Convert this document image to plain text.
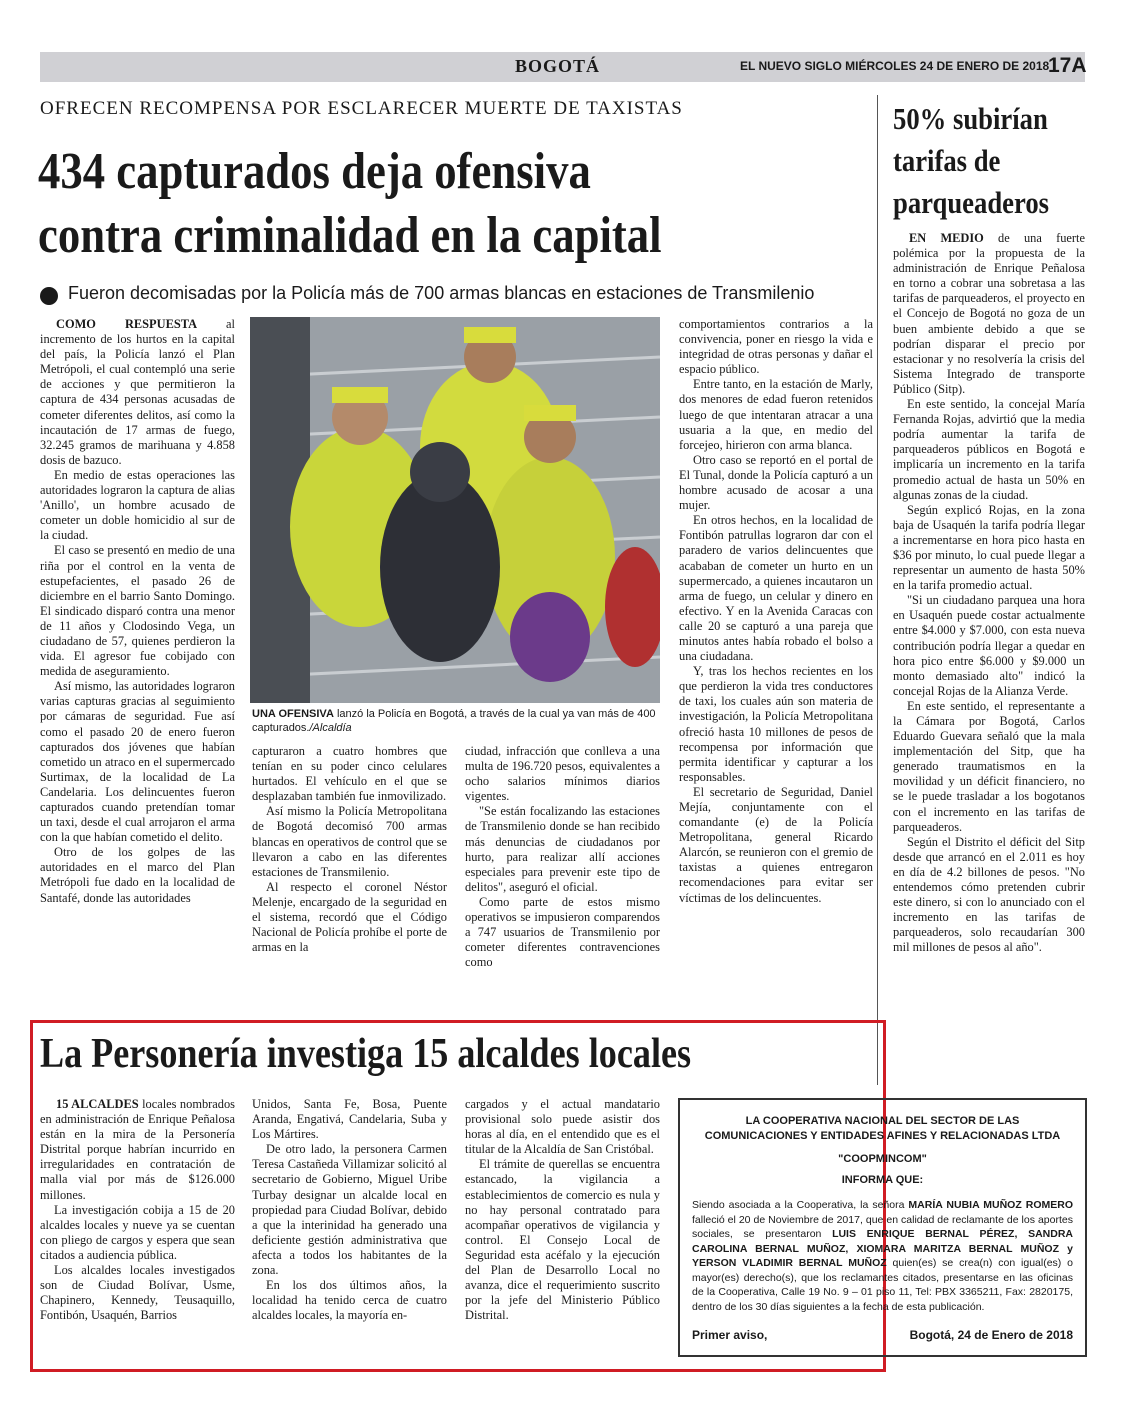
BOGOTÁ	EL NUEVO SIGLO MIÉRCOLES 24 DE ENERO DE 2018
17A
OFRECEN RECOMPENSA POR ESCLARECER MUERTE DE TAXISTAS
434 capturados deja ofensiva
contra criminalidad en la capital
Fueron decomisadas por la Policía más de 700 armas blancas en estaciones de Transmilenio

COMO RESPUESTA al incremento de los hurtos en la capital del país, la Policía lanzó el Plan Metrópoli, el cual contempló una serie de acciones y que permitieron la captura de 434 personas acusadas de cometer diferentes delitos, así como la incautación de 17 armas de fuego, 32.245 gramos de marihuana y 4.858 dosis de bazuco.

En medio de estas operaciones las autoridades lograron la captura de alias 'Anillo', un hombre acusado de cometer un doble homicidio al sur de la ciudad.

El caso se presentó en medio de una riña por el control en la venta de estupefacientes, el pasado 26 de diciembre en el barrio Santo Domingo. El sindicado disparó contra una menor de 11 años y Clodosindo Vega, un ciudadano de 57, quienes perdieron la vida. El agresor fue cobijado con medida de aseguramiento.

Así mismo, las autoridades lograron varias capturas gracias al seguimiento por cámaras de seguridad. Fue así como el pasado 20 de enero fueron capturados dos jóvenes que habían cometido un atraco en el supermercado Surtimax, de la localidad de La Candelaria. Los delincuentes fueron capturados cuando pretendían tomar un taxi, desde el cual arrojaron el arma con la que habían cometido el delito.

Otro de los golpes de las autoridades en el marco del Plan Metrópoli fue dado en la localidad de Santafé, donde las autoridades

UNA OFENSIVA lanzó la Policía en Bogotá, a través de la cual ya van más de 400 capturados./Alcaldía

capturaron a cuatro hombres que tenían en su poder cinco celulares hurtados. El vehículo en el que se desplazaban también fue inmovilizado.

Así mismo la Policía Metropolitana de Bogotá decomisó 700 armas blancas en operativos de control que se llevaron a cabo en las diferentes estaciones de Transmilenio.

Al respecto el coronel Néstor Melenje, encargado de la seguridad en el sistema, recordó que el Código Nacional de Policía prohíbe el porte de armas en la

ciudad, infracción que conlleva a una multa de 196.720 pesos, equivalentes a ocho salarios mínimos diarios vigentes.

"Se están focalizando las estaciones de Transmilenio donde se han recibido más denuncias de ciudadanos por hurto, para realizar allí acciones especiales para prevenir este tipo de delitos", aseguró el oficial.

Como parte de estos mismo operativos se impusieron comparendos a 747 usuarios de Transmilenio por cometer diferentes contravenciones como

comportamientos contrarios a la convivencia, poner en riesgo la vida e integridad de otras personas y dañar el espacio público.

Entre tanto, en la estación de Marly, dos menores de edad fueron retenidos luego de que intentaran atracar a una usuaria a la que, en medio del forcejeo, hirieron con arma blanca.

Otro caso se reportó en el portal de El Tunal, donde la Policía capturó a un hombre acusado de acosar a una mujer.

En otros hechos, en la localidad de Fontibón patrullas lograron dar con el paradero de varios delincuentes que acababan de cometer un hurto en un supermercado, a quienes incautaron un arma de fuego, un celular y dinero en efectivo. Y en la Avenida Caracas con calle 20 se capturó a una pareja que minutos antes había robado el bolso a una ciudadana.

Y, tras los hechos recientes en los que perdieron la vida tres conductores de taxi, los cuales aún son materia de investigación, la Policía Metropolitana ofreció hasta 10 millones de pesos de recompensa por información que permita identificar y capturar a los responsables.

El secretario de Seguridad, Daniel Mejía, conjuntamente con el comandante (e) de la Policía Metropolitana, general Ricardo Alarcón, se reunieron con el gremio de taxistas a quienes entregaron recomendaciones para evitar ser víctimas de los delincuentes.

50% subirían
tarifas de
parqueaderos

EN MEDIO de una fuerte polémica por la propuesta de la administración de Enrique Peñalosa en torno a cobrar una sobretasa a las tarifas de parqueaderos, el proyecto en el Concejo de Bogotá no goza de un buen ambiente debido a que se podrían disparar el precio por estacionar y no resolvería la crisis del Sistema Integrado de transporte Público (Sitp).

En este sentido, la concejal María Fernanda Rojas, advirtió que la media podría aumentar la tarifa de parqueaderos públicos en Bogotá e implicaría un incremento en la tarifa promedio actual de hasta un 50% en algunas zonas de la ciudad.

Según explicó Rojas, en la zona baja de Usaquén la tarifa podría llegar a incrementarse en hora pico hasta en $36 por minuto, lo cual puede llegar a representar un aumento de hasta 50% en la tarifa promedio actual.

"Si un ciudadano parquea una hora en Usaquén puede costar actualmente entre $4.000 y $7.000, con esta nueva contribución podría llegar a quedar en hora pico entre $6.000 y $9.000 un monto demasiado alto" indicó la concejal Rojas de la Alianza Verde.

En este sentido, el representante a la Cámara por Bogotá, Carlos Eduardo Guevara señaló que la mala implementación del Sitp, que ha generado traumatismos en la movilidad y un déficit financiero, no se le puede trasladar a los bogotanos con el incremento en las tarifas de parqueaderos.

Según el Distrito el déficit del Sitp desde que arrancó en el 2.011 es hoy en día de 4.2 billones de pesos. "No entendemos cómo pretenden cubrir este dinero, si con lo anunciado con el incremento en las tarifas de parqueaderos, solo recaudarían 300 mil millones de pesos al año".

La Personería investiga 15 alcaldes locales

15 ALCALDES locales nombrados en administración de Enrique Peñalosa están en la mira de la Personería Distrital porque habrían incurrido en irregularidades en contratación de malla vial por más de $126.000 millones.

La investigación cobija a 15 de 20 alcaldes locales y nueve ya se cuentan con pliego de cargos y espera que sean citados a audiencia pública.

Los alcaldes locales investigados son de Ciudad Bolívar, Usme, Chapinero, Kennedy, Teusaquillo, Fontibón, Usaquén, Barrios

Unidos, Santa Fe, Bosa, Puente Aranda, Engativá, Candelaria, Suba y Los Mártires.

De otro lado, la personera Carmen Teresa Castañeda Villamizar solicitó al secretario de Gobierno, Miguel Uribe Turbay designar un alcalde local en propiedad para Ciudad Bolívar, debido a que la interinidad ha generado una deficiente gestión administrativa que afecta a todos los habitantes de la zona.

En los dos últimos años, la localidad ha tenido cerca de cuatro alcaldes locales, la mayoría en-

cargados y el actual mandatario provisional solo puede asistir dos horas al día, en el entendido que es el titular de la Alcaldía de San Cristóbal.

El trámite de querellas se encuentra estancado, la vigilancia a establecimientos de comercio es nula y no hay personal contratado para acompañar operativos de vigilancia y control. El Consejo Local de Seguridad esta acéfalo y la ejecución del Plan de Desarrollo Local no avanza, dice el requerimiento suscrito por la jefe del Ministerio Público Distrital.

LA COOPERATIVA NACIONAL DEL SECTOR DE LAS
COMUNICACIONES Y ENTIDADES AFINES Y RELACIONADAS LTDA
"COOPMINCOM"
INFORMA QUE:
Siendo asociada a la Cooperativa, la señora MARÍA NUBIA MUÑOZ ROMERO falleció el 20 de Noviembre de 2017, que en calidad de reclamante de los aportes sociales, se presentaron LUIS ENRIQUE BERNAL PÉREZ, SANDRA CAROLINA BERNAL MUÑOZ, XIOMARA MARITZA BERNAL MUÑOZ y YERSON VLADIMIR BERNAL MUÑOZ quien(es) se crea(n) con igual(es) o mayor(es) derecho(s), que los reclamantes citados, presentarse en las oficinas de la Cooperativa, Calle 19 No. 9 – 01 piso 11, Tel: PBX 3365211, Fax: 2820175, dentro de los 30 días siguientes a la fecha de esta publicación.
Primer aviso,	Bogotá, 24 de Enero de 2018
